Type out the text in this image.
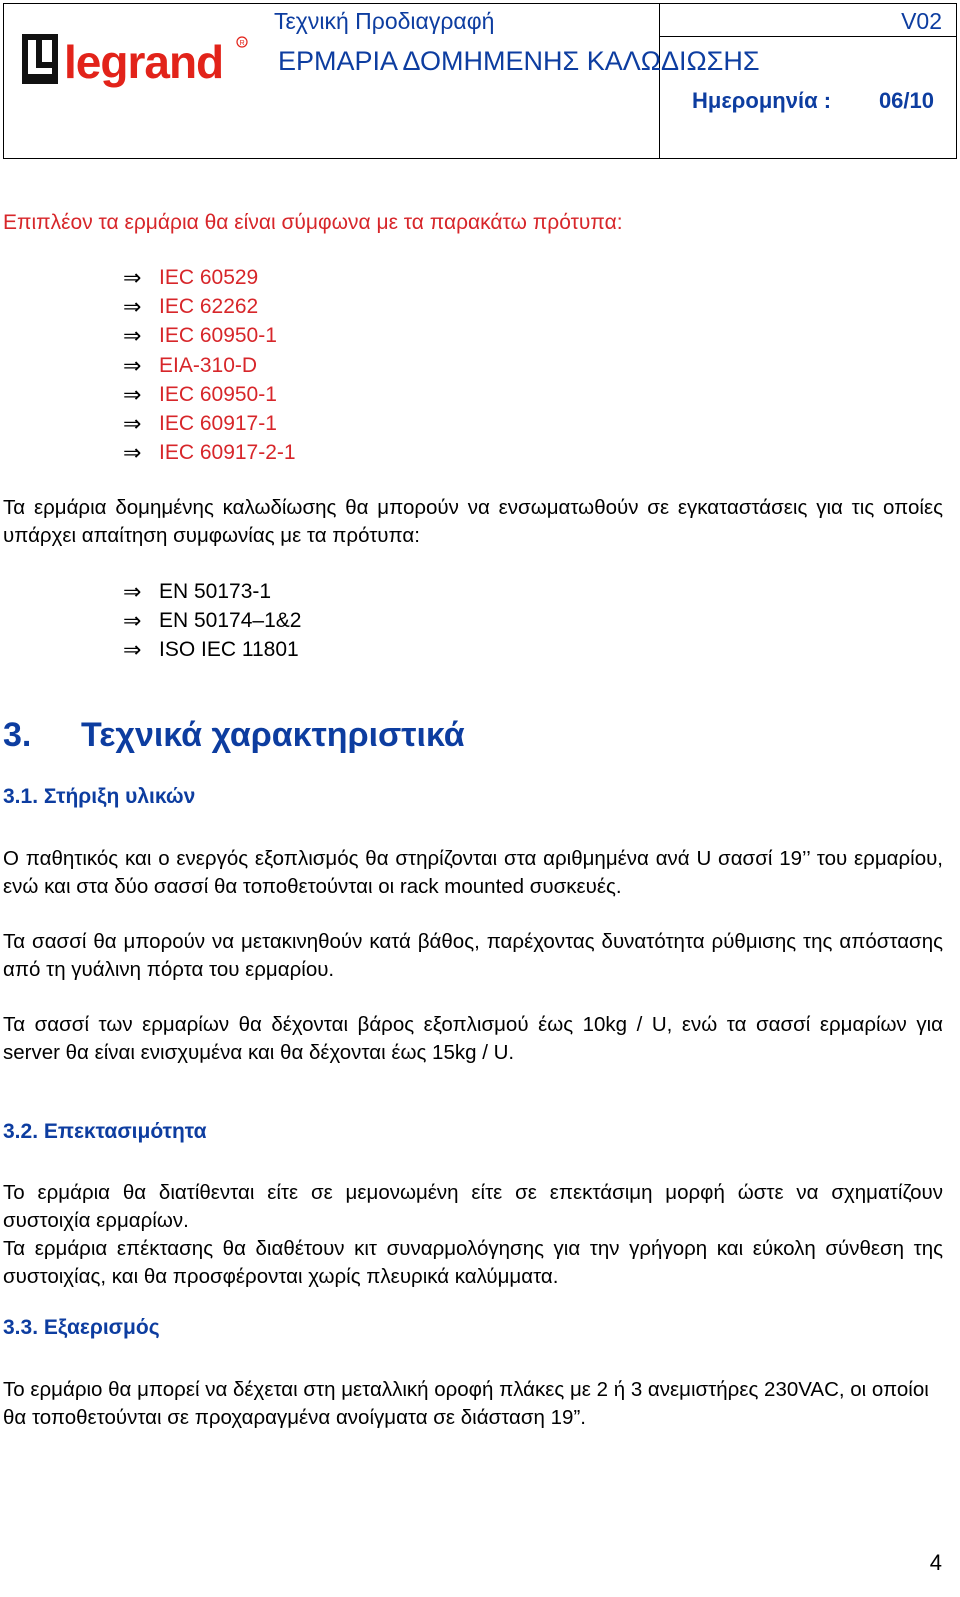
legrand R
Τεχνική Προδιαγραφή	V02
ΕΡΜΑΡΙΑ ΔΟΜΗΜΕΝΗΣ ΚΑΛΩΔΙΩΣΗΣ
Ημερομηνία : 06/10
Επιπλέον τα ερμάρια θα είναι σύμφωνα με τα παρακάτω πρότυπα:
⇒ IEC 60529
⇒ IEC 62262
⇒ IEC 60950-1
⇒ EIA-310-D
⇒ IEC 60950-1
⇒ IEC 60917-1
⇒ IEC 60917-2-1

Τα ερμάρια δομημένης καλωδίωσης θα μπορούν να ενσωματωθούν σε εγκαταστάσεις για τις οποίες υπάρχει απαίτηση συμφωνίας με τα πρότυπα:

⇒ EN 50173-1
⇒ EN 50174–1&2
⇒ ISO IEC 11801
3. Τεχνικά χαρακτηριστικά
3.1. Στήριξη υλικών

Ο παθητικός και ο ενεργός εξοπλισμός θα στηρίζονται στα αριθμημένα ανά U σασσί 19’’ του ερμαρίου, ενώ και στα δύο σασσί θα τοποθετούνται οι rack mounted συσκευές.

Τα σασσί θα μπορούν να μετακινηθούν κατά βάθος, παρέχοντας δυνατότητα ρύθμισης της απόστασης από τη γυάλινη πόρτα του ερμαρίου.

Τα σασσί των ερμαρίων θα δέχονται βάρος εξοπλισμού έως 10kg / U, ενώ τα σασσί ερμαρίων για server θα είναι ενισχυμένα και θα δέχονται έως 15kg / U.

3.2. Επεκτασιμότητα

Το ερμάρια θα διατίθενται είτε σε μεμονωμένη είτε σε επεκτάσιμη μορφή ώστε να σχηματίζουν συστοιχία ερμαρίων.

Τα ερμάρια επέκτασης θα διαθέτουν κιτ συναρμολόγησης για την γρήγορη και εύκολη σύνθεση της συστοιχίας, και θα προσφέρονται χωρίς πλευρικά καλύμματα.

3.3. Εξαερισμός

Το ερμάριο θα μπορεί να δέχεται στη μεταλλική οροφή πλάκες με 2 ή 3 ανεμιστήρες 230VAC, οι οποίοι θα τοποθετούνται σε προχαραγμένα ανοίγματα σε διάσταση 19”.

4
